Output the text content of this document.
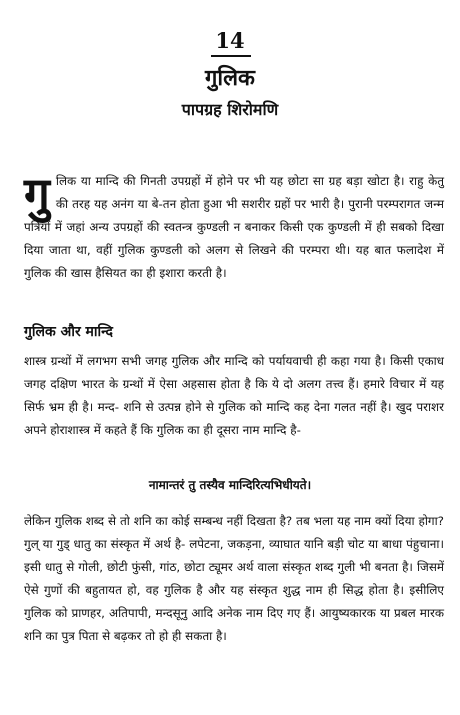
14
गुलिक
पापग्रह शिरोमणि
गु लिक या मान्दि की गिनती उपग्रहों में होने पर भी यह छोटा सा ग्रह बड़ा खोटा है। राहु केतु की तरह यह अनंग या बे-तन होता हुआ भी सशरीर ग्रहों पर भारी है। पुरानी परम्परागत जन्म पत्रियों में जहां अन्य उपग्रहों की स्वतन्त्र कुण्डली न बनाकर किसी एक कुण्डली में ही सबको दिखा दिया जाता था, वहीं गुलिक कुण्डली को अलग से लिखने की परम्परा थी। यह बात फलादेश में गुलिक की खास हैसियत का ही इशारा करती है।
गुलिक और मान्दि
शास्त्र ग्रन्थों में लगभग सभी जगह गुलिक और मान्दि को पर्यायवाची ही कहा गया है। किसी एकाध जगह दक्षिण भारत के ग्रन्थों में ऐसा अहसास होता है कि ये दो अलग तत्त्व हैं। हमारे विचार में यह सिर्फ भ्रम ही है। मन्द- शनि से उत्पन्न होने से गुलिक को मान्दि कह देना गलत नहीं है। खुद पराशर अपने होराशास्त्र में कहते हैं कि गुलिक का ही दूसरा नाम मान्दि है-
नामान्तरं तु तस्यैव मान्दिरित्यभिधीयते।
लेकिन गुलिक शब्द से तो शनि का कोई सम्बन्ध नहीं दिखता है? तब भला यह नाम क्यों दिया होगा? गुल् या गुड् धातु का संस्कृत में अर्थ है- लपेटना, जकड़ना, व्याघात यानि बड़ी चोट या बाधा पंहुचाना। इसी धातु से गोली, छोटी फुंसी, गांठ, छोटा ट्यूमर अर्थ वाला संस्कृत शब्द गुली भी बनता है। जिसमें ऐसे गुणों की बहुतायत हो, वह गुलिक है और यह संस्कृत शुद्ध नाम ही सिद्ध होता है। इसीलिए गुलिक को प्राणहर, अतिपापी, मन्दसूनु आदि अनेक नाम दिए गए हैं। आयुष्यकारक या प्रबल मारक शनि का पुत्र पिता से बढ़कर तो हो ही सकता है।
